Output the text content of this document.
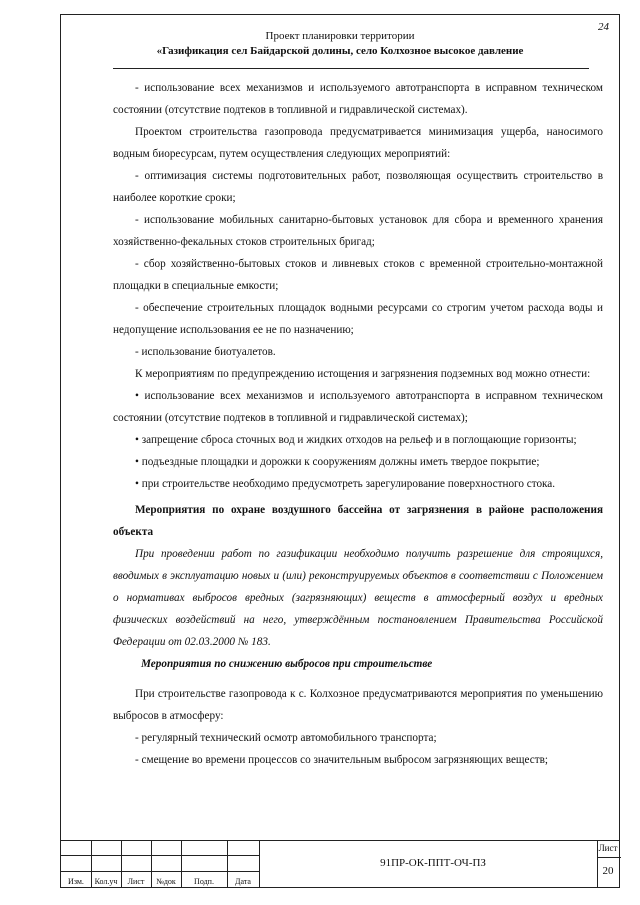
24
Проект планировки территории
«Газификация сел Байдарской долины, село Колхозное высокое давление

- использование всех механизмов и используемого автотранспорта в исправном техническом состоянии (отсутствие подтеков в топливной и гидравлической системах).

Проектом строительства газопровода предусматривается минимизация ущерба, наносимого водным биоресурсам, путем осуществления следующих мероприятий:

- оптимизация системы подготовительных работ, позволяющая осуществить строительство в наиболее короткие сроки;

- использование мобильных санитарно-бытовых установок для сбора и временного хранения хозяйственно-фекальных стоков строительных бригад;

- сбор хозяйственно-бытовых стоков и ливневых стоков с временной строительно-монтажной площадки в специальные емкости;

- обеспечение строительных площадок водными ресурсами со строгим учетом расхода воды и недопущение использования ее не по назначению;

- использование биотуалетов.

К мероприятиям по предупреждению истощения и загрязнения подземных вод можно отнести:

• использование всех механизмов и используемого автотранспорта в исправном техническом состоянии (отсутствие подтеков в топливной и гидравлической системах);

• запрещение сброса сточных вод и жидких отходов на рельеф и в поглощающие горизонты;

• подъездные площадки и дорожки к сооружениям должны иметь твердое покрытие;

• при строительстве необходимо предусмотреть зарегулирование поверхностного стока.

Мероприятия по охране воздушного бассейна от загрязнения в районе расположения объекта

При проведении работ по газификации необходимо получить разрешение для строящихся, вводимых в эксплуатацию новых и (или) реконструируемых объектов в соответствии с Положением о нормативах выбросов вредных (загрязняющих) веществ в атмосферный воздух и вредных физических воздействий на него, утверждённым постановлением Правительства Российской Федерации от 02.03.2000 № 183.

Мероприятия по снижению выбросов при строительстве

При строительстве газопровода к с. Колхозное предусматриваются мероприятия по уменьшению выбросов в атмосферу:

- регулярный технический осмотр автомобильного транспорта;

- смещение во времени процессов со значительным выбросом загрязняющих веществ;

Изм.	Кол.уч	Лист	№док	Подп.	Дата
91ПР-ОК-ППТ-ОЧ-ПЗ
Лист
20
